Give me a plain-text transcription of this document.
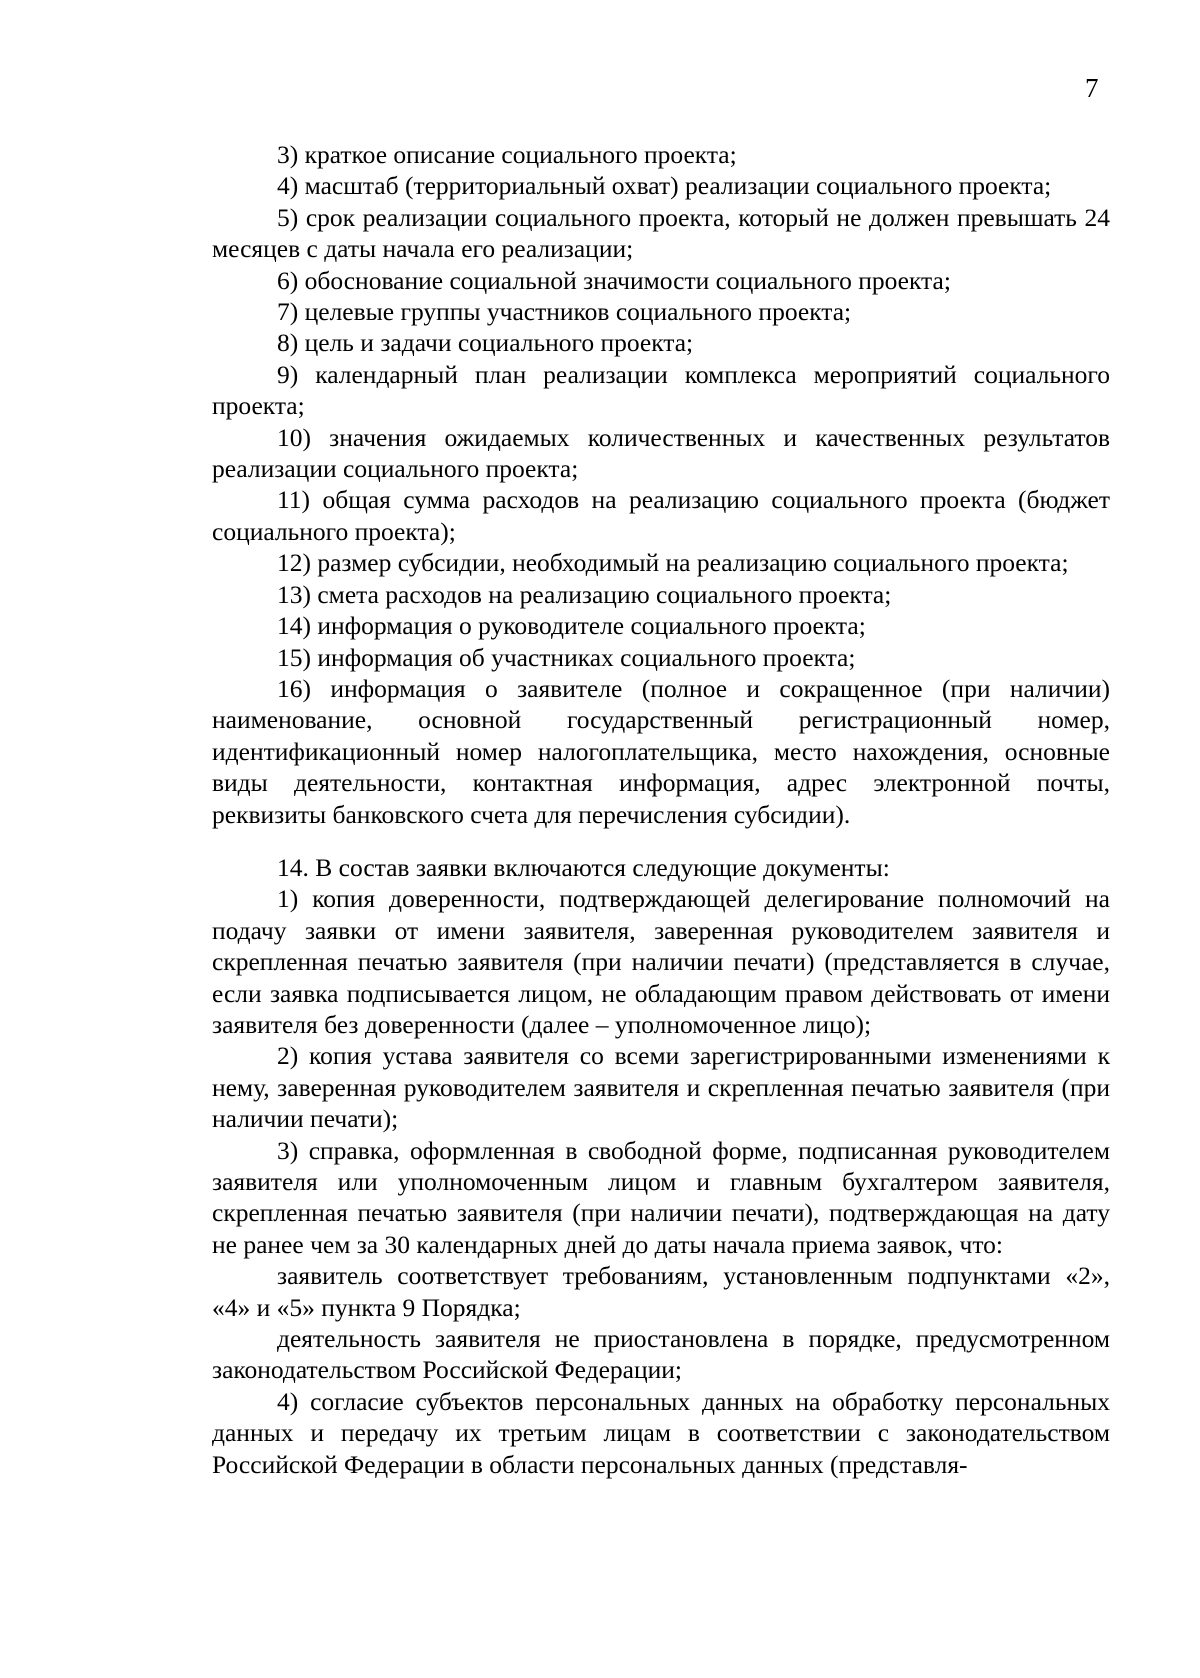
7

3) краткое описание социального проекта;

4) масштаб (территориальный охват) реализации социального проекта;

5) срок реализации социального проекта, который не должен превышать 24 месяцев с даты начала его реализации;

6) обоснование социальной значимости социального проекта;

7) целевые группы участников социального проекта;

8) цель и задачи социального проекта;

9) календарный план реализации комплекса мероприятий социального проекта;

10) значения ожидаемых количественных и качественных результатов реализации социального проекта;

11) общая сумма расходов на реализацию социального проекта (бюджет социального проекта);

12) размер субсидии, необходимый на реализацию социального проекта;

13) смета расходов на реализацию социального проекта;

14) информация о руководителе социального проекта;

15) информация об участниках социального проекта;

16) информация о заявителе (полное и сокращенное (при наличии) наименование, основной государственный регистрационный номер, идентификационный номер налогоплательщика, место нахождения, основные виды деятельности, контактная информация, адрес электронной почты, реквизиты банковского счета для перечисления субсидии).

14. В состав заявки включаются следующие документы:

1) копия доверенности, подтверждающей делегирование полномочий на подачу заявки от имени заявителя, заверенная руководителем заявителя и скрепленная печатью заявителя (при наличии печати) (представляется в случае, если заявка подписывается лицом, не обладающим правом действовать от имени заявителя без доверенности (далее – уполномоченное лицо);

2) копия устава заявителя со всеми зарегистрированными изменениями к нему, заверенная руководителем заявителя и скрепленная печатью заявителя (при наличии печати);

3) справка, оформленная в свободной форме, подписанная руководителем заявителя или уполномоченным лицом и главным бухгалтером заявителя, скрепленная печатью заявителя (при наличии печати), подтверждающая на дату не ранее чем за 30 календарных дней до даты начала приема заявок, что:

заявитель соответствует требованиям, установленным подпунктами «2», «4» и «5» пункта 9 Порядка;

деятельность заявителя не приостановлена в порядке, предусмотренном законодательством Российской Федерации;

4) согласие субъектов персональных данных на обработку персональных данных и передачу их третьим лицам в соответствии с законодательством Российской Федерации в области персональных данных (представля-
